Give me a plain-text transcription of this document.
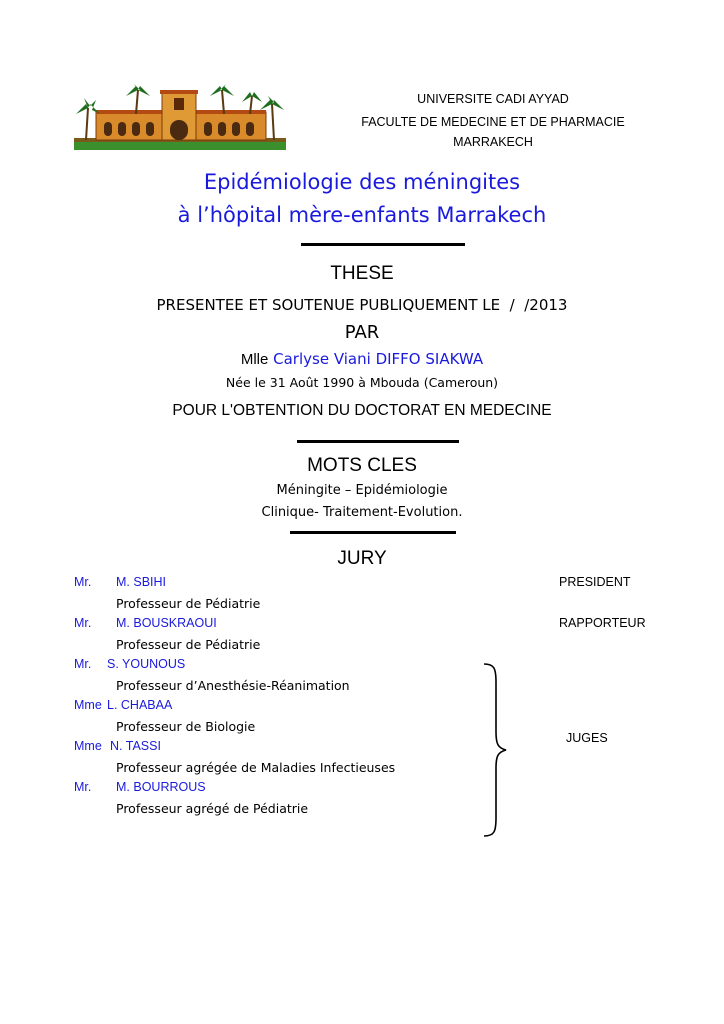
UNIVERSITE CADI AYYAD
FACULTE DE MEDECINE ET DE PHARMACIE
MARRAKECH
Epidémiologie des méningites
à l’hôpital mère-enfants Marrakech
THESE
PRESENTEE ET SOUTENUE PUBLIQUEMENT LE  /  /2013
PAR
Mlle Carlyse Viani DIFFO SIAKWA
Née le 31 Août 1990 à Mbouda (Cameroun)
POUR L'OBTENTION DU DOCTORAT EN MEDECINE
MOTS CLES
Méningite – Epidémiologie
Clinique- Traitement-Evolution.
JURY
Mr. M. SBIHI	PRESIDENT
Professeur de Pédiatrie
Mr. M. BOUSKRAOUI	RAPPORTEUR
Professeur de Pédiatrie
Mr. S. YOUNOUS
Professeur d’Anesthésie-Réanimation
Mme L. CHABAA
Professeur de Biologie
Mme N. TASSI
Professeur agrégée de Maladies Infectieuses
Mr. M. BOURROUS
Professeur agrégé de Pédiatrie
JUGES
